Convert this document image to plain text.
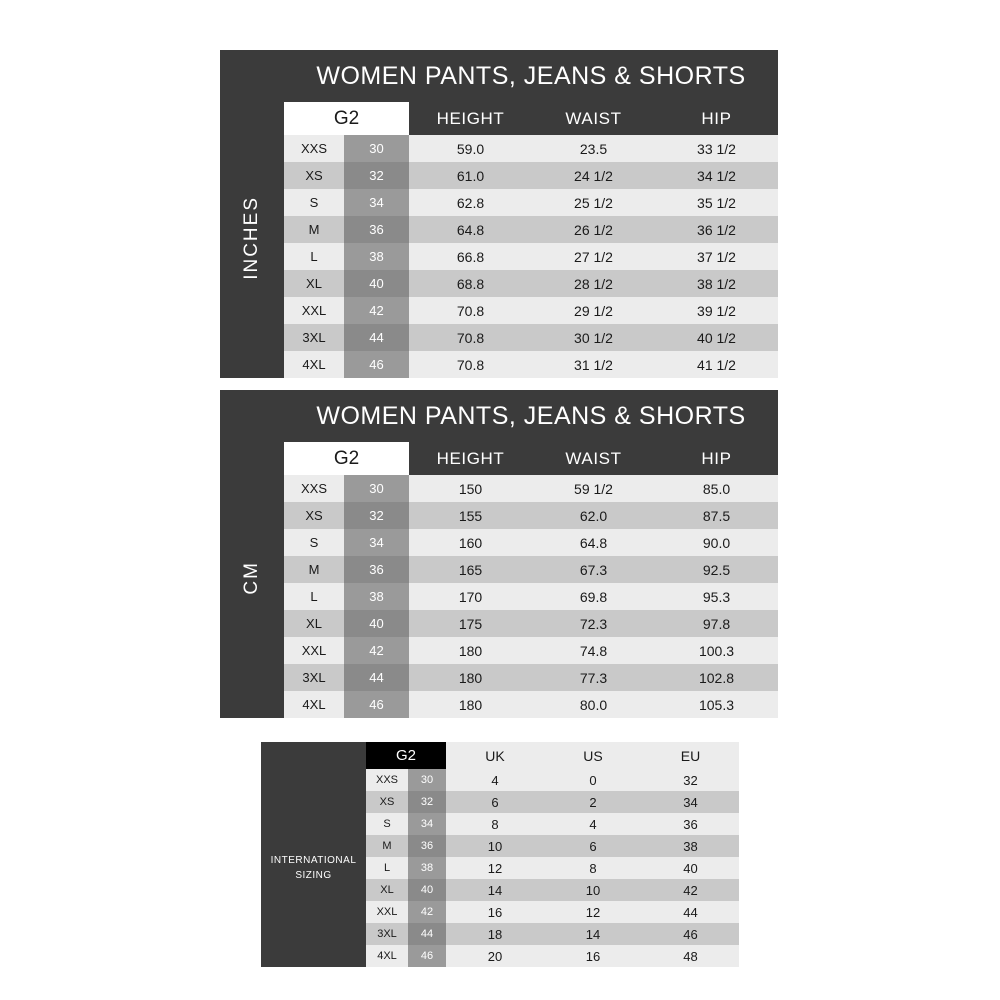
	WOMEN PANTS, JEANS & SHORTS				
INCHES	G2		HEIGHT	WAIST	HIP
	XXS	30	59.0	23.5	33 1/2
	XS	32	61.0	24 1/2	34 1/2
	S	34	62.8	25 1/2	35 1/2
	M	36	64.8	26 1/2	36 1/2
	L	38	66.8	27 1/2	37 1/2
	XL	40	68.8	28 1/2	38 1/2
	XXL	42	70.8	29 1/2	39 1/2
	3XL	44	70.8	30 1/2	40 1/2
	4XL	46	70.8	31 1/2	41 1/2
	WOMEN PANTS, JEANS & SHORTS				
CM	G2		HEIGHT	WAIST	HIP
	XXS	30	150	59 1/2	85.0
	XS	32	155	62.0	87.5
	S	34	160	64.8	90.0
	M	36	165	67.3	92.5
	L	38	170	69.8	95.3
	XL	40	175	72.3	97.8
	XXL	42	180	74.8	100.3
	3XL	44	180	77.3	102.8
	4XL	46	180	80.0	105.3
	G2		UK	US	EU

INTERNATIONAL
SIZING	XXS	30	4	0	32
	XS	32	6	2	34
	S	34	8	4	36
	M	36	10	6	38
	L	38	12	8	40
	XL	40	14	10	42
	XXL	42	16	12	44
	3XL	44	18	14	46
	4XL	46	20	16	48
